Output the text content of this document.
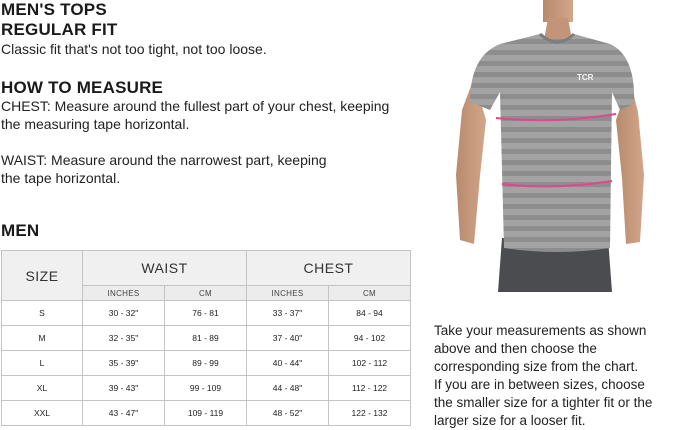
MEN'S TOPS
REGULAR FIT
Classic fit that's not too tight, not too loose.
HOW TO MEASURE
CHEST: Measure around the fullest part of your chest, keeping
the measuring tape horizontal.
WAIST: Measure around the narrowest part, keeping
the tape horizontal.
MEN
SIZE	WAIST		CHEST	
	INCHES	CM	INCHES	CM
S	30 - 32"	76 - 81	33 - 37"	84 - 94
M	32 - 35"	81 - 89	37 - 40"	94 - 102
L	35 - 39"	89 - 99	40 - 44"	102 - 112
XL	39 - 43"	99 - 109	44 - 48"	112 - 122
XXL	43 - 47"	109 - 119	48 - 52"	122 - 132
TCR
Take your measurements as shown
above and then choose the
corresponding size from the chart.
If you are in between sizes, choose
the smaller size for a tighter fit or the
larger size for a looser fit.
